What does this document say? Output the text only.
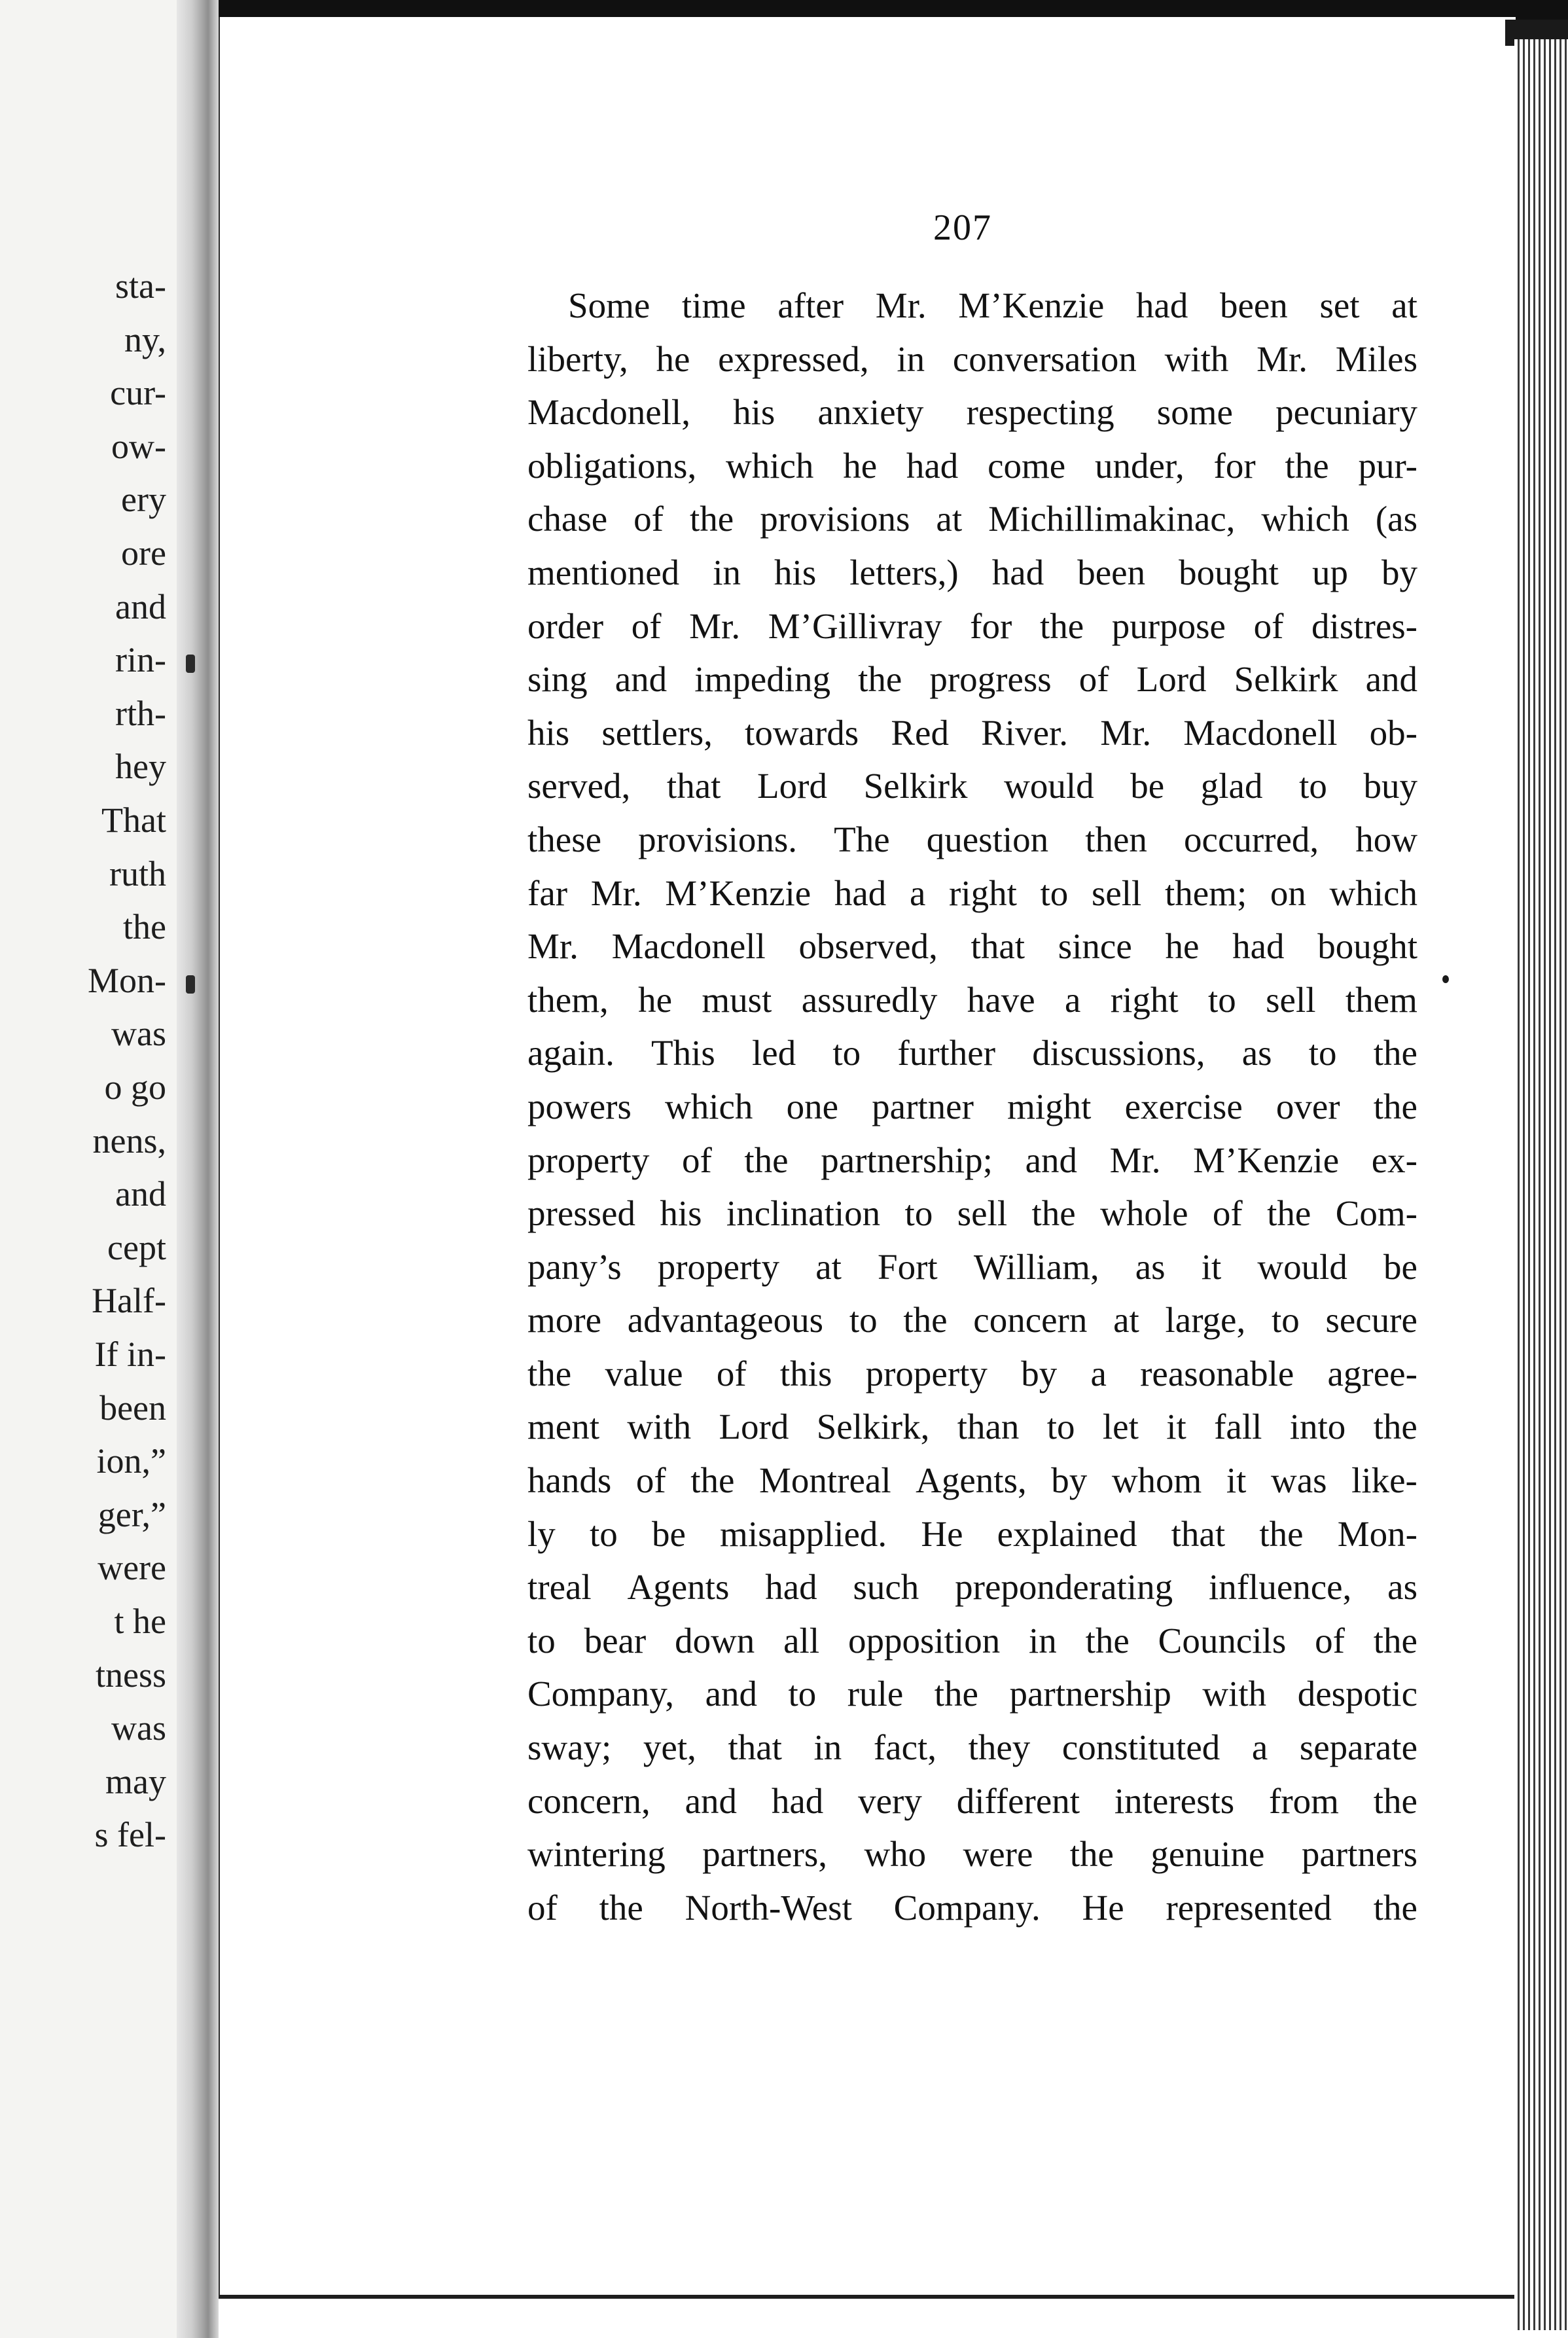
sta-
ny,
cur-
ow-
ery
ore
and
rin-
rth-
hey
That
ruth
the
Mon-
was
o go
nens,
and
cept
Half-
If in-
been
ion,”
ger,”
were
t he
tness
was
may
s fel-
207
Some time after Mr. M’Kenzie had been set at
liberty, he expressed, in conversation with Mr. Miles
Macdonell, his anxiety respecting some pecuniary
obligations, which he had come under, for the pur-
chase of the provisions at Michillimakinac, which (as
mentioned in his letters,) had been bought up by
order of Mr. M’Gillivray for the purpose of distres-
sing and impeding the progress of Lord Selkirk and
his settlers, towards Red River. Mr. Macdonell ob-
served, that Lord Selkirk would be glad to buy
these provisions. The question then occurred, how
far Mr. M’Kenzie had a right to sell them; on which
Mr. Macdonell observed, that since he had bought
them, he must assuredly have a right to sell them
again. This led to further discussions, as to the
powers which one partner might exercise over the
property of the partnership; and Mr. M’Kenzie ex-
pressed his inclination to sell the whole of the Com-
pany’s property at Fort William, as it would be
more advantageous to the concern at large, to secure
the value of this property by a reasonable agree-
ment with Lord Selkirk, than to let it fall into the
hands of the Montreal Agents, by whom it was like-
ly to be misapplied. He explained that the Mon-
treal Agents had such preponderating influence, as
to bear down all opposition in the Councils of the
Company, and to rule the partnership with despotic
sway; yet, that in fact, they constituted a separate
concern, and had very different interests from the
wintering partners, who were the genuine partners
of the North-West Company. He represented the
